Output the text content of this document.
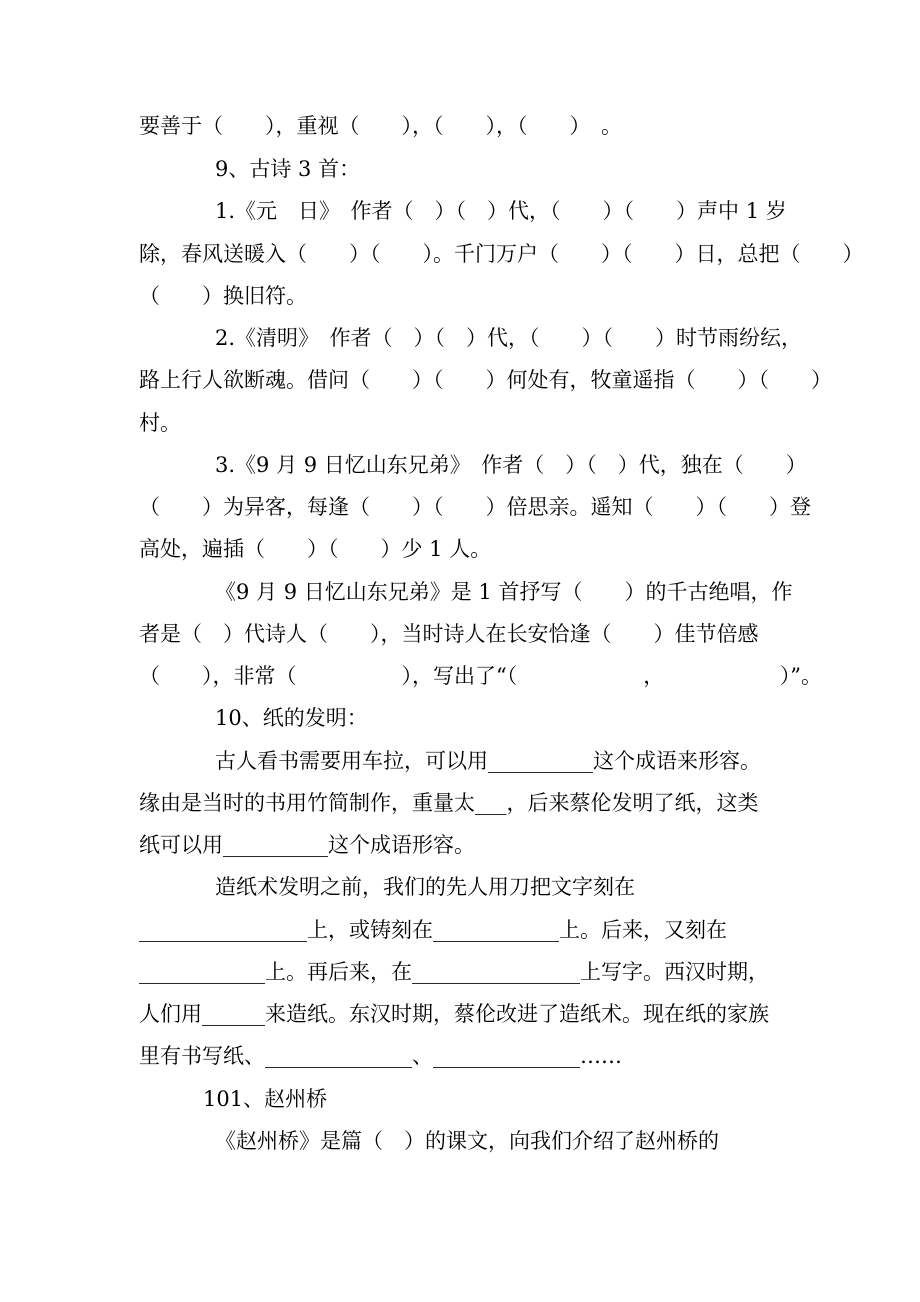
要善于（　　），重视（　　），（　　），（　　）　。
9、古诗 3 首：
1.《元　日》　作者（　）（　）代，（　　）（　　）声中 1 岁
除，春风送暖入（　　）（　　）。千门万户（　　）（　　）日，总把（　　）
（　　）换旧符。
2.《清明》　作者（　）（　）代，（　　）（　　）时节雨纷纭，
路上行人欲断魂。借问（　　）（　　）何处有，牧童遥指（　　）（　　）
村。
3.《9 月 9 日忆山东兄弟》　作者（　）（　）代，独在（　　）
（　　）为异客，每逢（　　）（　　）倍思亲。遥知（　　）（　　）登
高处，遍插（　　）（　　）少 1 人。
《9 月 9 日忆山东兄弟》是 1 首抒写（　　）的千古绝唱，作
者是（　）代诗人（　　），当时诗人在长安恰逢（　　）佳节倍感
（　　），非常（　　　　　），写出了“（　　　　　　，　　　　　　）”。
10、纸的发明：
古人看书需要用车拉，可以用__________这个成语来形容。
缘由是当时的书用竹简制作，重量太___，后来蔡伦发明了纸，这类
纸可以用__________这个成语形容。
造纸术发明之前，我们的先人用刀把文字刻在
________________上，或铸刻在____________上。后来，又刻在
____________上。再后来，在________________上写字。西汉时期，
人们用______来造纸。东汉时期，蔡伦改进了造纸术。现在纸的家族
里有书写纸、______________、______________……
101、赵州桥
《赵州桥》是篇（　）的课文，向我们介绍了赵州桥的
